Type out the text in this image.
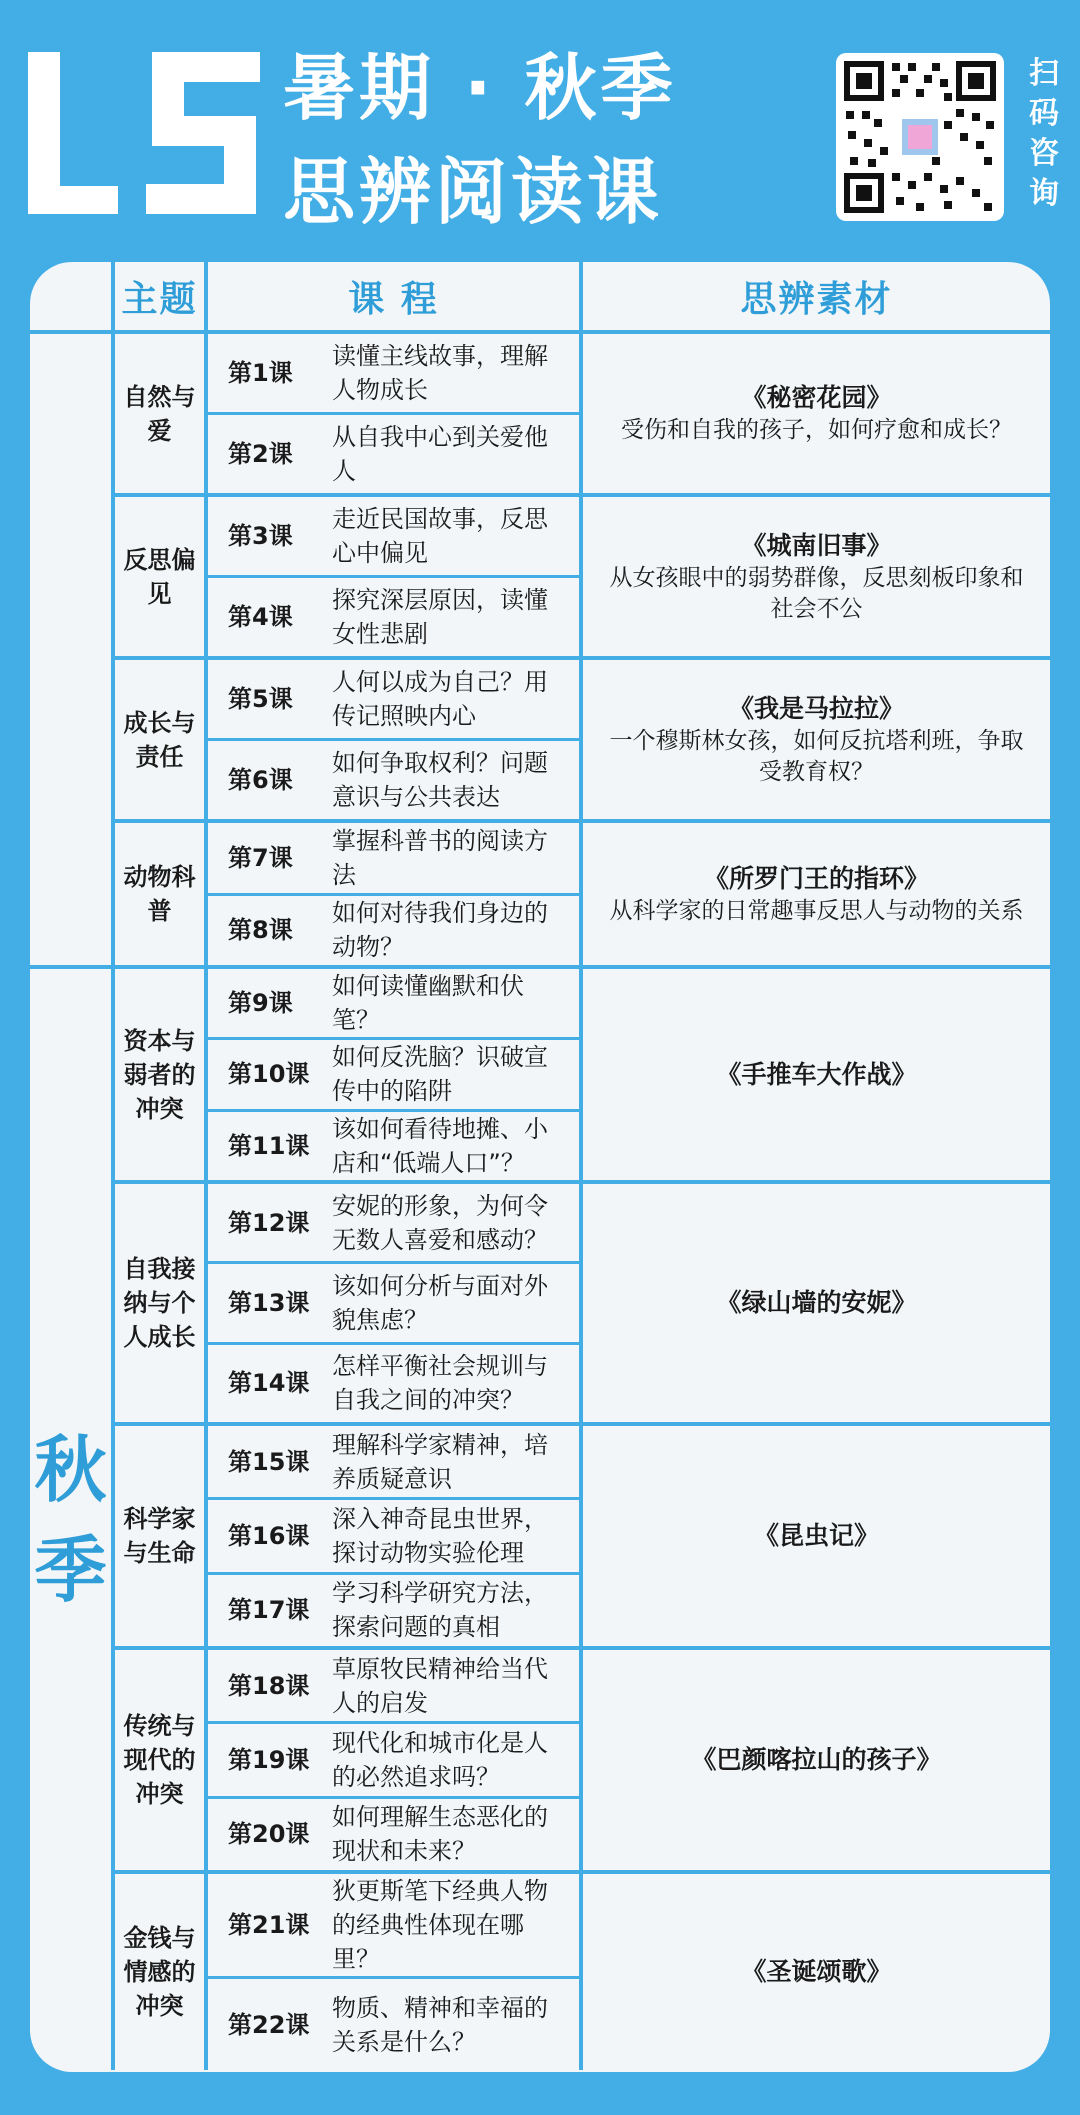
暑期 · 秋季
思辨阅读课
扫码咨询
主题	课 程	思辨素材
秋
季
自然与爱
第1课
读懂主线故事，理解人物成长
第2课
从自我中心到关爱他人
《秘密花园》
受伤和自我的孩子，如何疗愈和成长？
反思偏见
第3课
走近民国故事，反思心中偏见
第4课
探究深层原因，读懂女性悲剧
《城南旧事》
从女孩眼中的弱势群像，反思刻板印象和社会不公
成长与责任
第5课
人何以成为自己？用传记照映内心
第6课
如何争取权利？问题意识与公共表达
《我是马拉拉》
一个穆斯林女孩，如何反抗塔利班，争取受教育权？
动物科普
第7课
掌握科普书的阅读方法
第8课
如何对待我们身边的动物？
《所罗门王的指环》
从科学家的日常趣事反思人与动物的关系
资本与弱者的冲突
第9课
如何读懂幽默和伏笔？
第10课
如何反洗脑？识破宣传中的陷阱
第11课
该如何看待地摊、小店和“低端人口”？
《手推车大作战》
自我接纳与个人成长
第12课
安妮的形象，为何令无数人喜爱和感动？
第13课
该如何分析与面对外貌焦虑？
第14课
怎样平衡社会规训与自我之间的冲突？
《绿山墙的安妮》
科学家与生命
第15课
理解科学家精神，培养质疑意识
第16课
深入神奇昆虫世界，探讨动物实验伦理
第17课
学习科学研究方法，探索问题的真相
《昆虫记》
传统与现代的冲突
第18课
草原牧民精神给当代人的启发
第19课
现代化和城市化是人的必然追求吗？
第20课
如何理解生态恶化的现状和未来？
《巴颜喀拉山的孩子》
金钱与情感的冲突
第21课
狄更斯笔下经典人物的经典性体现在哪里？
第22课
物质、精神和幸福的关系是什么？
《圣诞颂歌》
